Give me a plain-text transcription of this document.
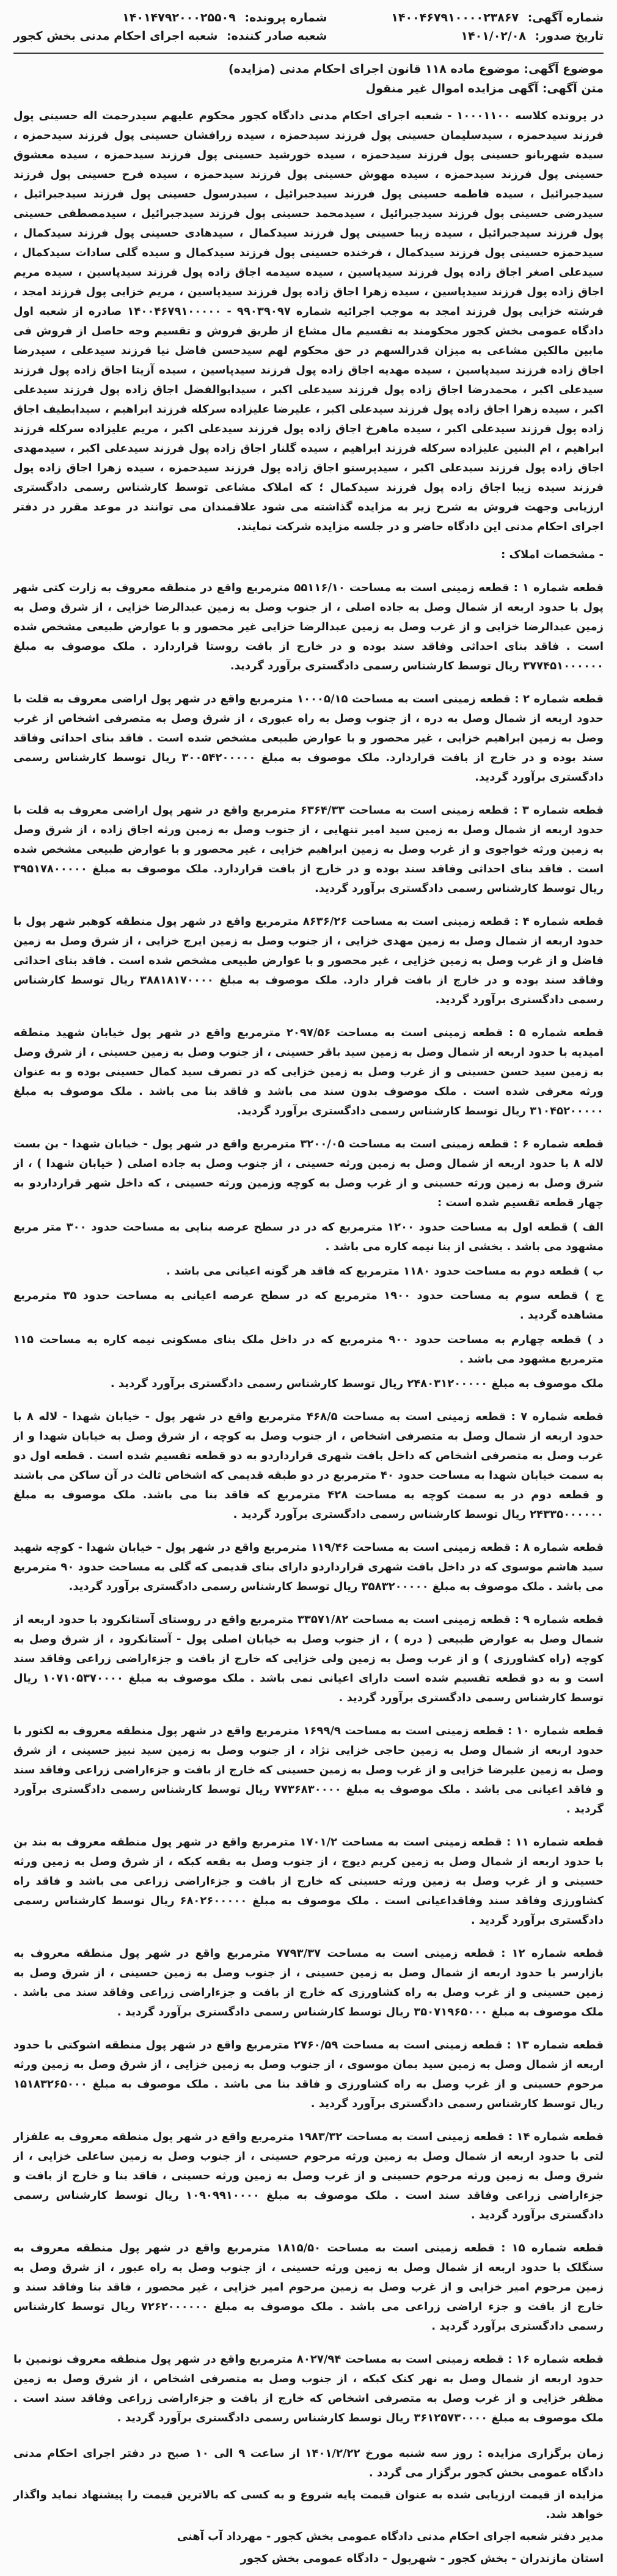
شماره آگهی: ۱۴۰۰۴۶۷۹۱۰۰۰۰۲۳۸۶۷
تاریخ صدور: ۱۴۰۱/۰۲/۰۸
شماره پرونده: ۱۴۰۱۴۷۹۲۰۰۰۲۵۵۰۹
شعبه صادر کننده: شعبه اجرای احکام مدنی بخش کجور

موضوع آگهی: موضوع ماده ۱۱۸ قانون اجرای احکام مدنی (مزایده)

متن آگهی: آگهی مزایده اموال غیر منقول

در پرونده کلاسه ۱۰۰۰۱۱۰۰ - شعبه اجرای احکام مدنی دادگاه کجور محکوم علیهم سیدرحمت اله حسینی پول فرزند سیدحمزه ، سیدسلیمان حسینی پول فرزند سیدحمزه ، سیده زرافشان حسینی پول فرزند سیدحمزه ، سیده شهربانو حسینی پول فرزند سیدحمزه ، سیده خورشید حسینی پول فرزند سیدحمزه ، سیده معشوق حسینی پول فرزند سیدحمزه ، سیده مهوش حسینی پول فرزند سیدحمزه ، سیده فرح حسینی پول فرزند سیدجبرائیل ، سیده فاطمه حسینی پول فرزند سیدجبرائیل ، سیدرسول حسینی پول فرزند سیدجبرائیل ، سیدرضی حسینی پول فرزند سیدجبرائیل ، سیدمحمد حسینی پول فرزند سیدجبرائیل ، سیدمصطفی حسینی پول فرزند سیدجبرائیل ، سیده زیبا حسینی پول فرزند سیدکمال ، سیدهادی حسینی پول فرزند سیدکمال ، سیدحمزه حسینی پول فرزند سیدکمال ، فرخنده حسینی پول فرزند سیدکمال و سیده گلی سادات سیدکمال ، سیدعلی اصغر اجاق زاده پول فرزند سیدپاسین ، سیده سیدمه اجاق زاده پول فرزند سیدپاسین ، سیده مریم اجاق زاده پول فرزند سیدپاسین ، سیده زهرا اجاق زاده پول فرزند سیدپاسین ، مریم خزایی پول فرزند امجد ، فرشته خزایی پول فرزند امجد به موجب اجرائیه شماره ۹۹۰۳۹۰۹۷ - ۱۴۰۰۴۶۷۹۱۰۰۰۰۰ صادره از شعبه اول دادگاه عمومی بخش کجور محکومند به تقسیم مال مشاع از طریق فروش و تقسیم وجه حاصل از فروش فی مابین مالکین مشاعی به میزان قدرالسهم در حق محکوم لهم سیدحسن فاضل نیا فرزند سیدعلی ، سیدرضا اجاق زاده فرزند سیدپاسین ، سیده مهدیه اجاق زاده پول فرزند سیدپاسین ، سیده آزیتا اجاق زاده پول فرزند سیدعلی اکبر ، محمدرضا اجاق زاده پول فرزند سیدعلی اکبر ، سیدابوالفضل اجاق زاده پول فرزند سیدعلی اکبر ، سیده زهرا اجاق زاده پول فرزند سیدعلی اکبر ، علیرضا علیزاده سرکله فرزند ابراهیم ، سیدابطیف اجاق زاده پول فرزند سیدعلی اکبر ، سیده ماهرخ اجاق زاده پول فرزند سیدعلی اکبر ، مریم علیزاده سرکله فرزند ابراهیم ، ام البنین علیزاده سرکله فرزند ابراهیم ، سیده گلنار اجاق زاده پول فرزند سیدعلی اکبر ، سیدمهدی اجاق زاده پول فرزند سیدعلی اکبر ، سیدپرستو اجاق زاده پول فرزند سیدحمزه ، سیده زهرا اجاق زاده پول فرزند سیده زیبا اجاق زاده پول فرزند سیدکمال ؛ که املاک مشاعی توسط کارشناس رسمی دادگستری ارزیابی وجهت فروش به شرح زیر به مزایده گذاشته می شود علاقمندان می توانند در موعد مقرر در دفتر اجرای احکام مدنی این دادگاه حاضر و در جلسه مزایده شرکت نمایند.

- مشخصات املاک :

قطعه شماره ۱ : قطعه زمینی است به مساحت ۵۵۱۱۶/۱۰ مترمربع واقع در منطقه معروف به زارت کتی شهر پول با حدود اربعه از شمال وصل به جاده اصلی ، از جنوب وصل به زمین عبدالرضا خزایی ، از شرق وصل به زمین عبدالرضا خزایی و از غرب وصل به زمین عبدالرضا خزایی غیر محصور و با عوارض طبیعی مشخص شده است . فاقد بنای احداثی وفاقد سند بوده و در خارج از بافت روستا قراردارد . ملک موصوف به مبلغ ۳۷۷۴۵۱۰۰۰۰۰۰ ریال توسط کارشناس رسمی دادگستری برآورد گردید.

قطعه شماره ۲ : قطعه زمینی است به مساحت ۱۰۰۰۵/۱۵ مترمربع واقع در شهر پول اراضی معروف به قلت با حدود اربعه از شمال وصل به دره ، از جنوب وصل به راه عبوری ، از شرق وصل به متصرفی اشخاص از غرب وصل به زمین ابراهیم خزایی ، غیر محصور و با عوارض طبیعی مشخص شده است . فاقد بنای احداثی وفاقد سند بوده و در خارج از بافت قراردارد. ملک موصوف به مبلغ ۳۰۰۵۴۲۰۰۰۰۰ ریال توسط کارشناس رسمی دادگستری برآورد گردید.

قطعه شماره ۳ : قطعه زمینی است به مساحت ۶۳۶۴/۳۳ مترمربع واقع در شهر پول اراضی معروف به قلت با حدود اربعه از شمال وصل به زمین سید امیر تنهایی ، از جنوب وصل به زمین ورثه اجاق زاده ، از شرق وصل به زمین ورثه خواجوی و از غرب وصل به زمین ابراهیم خزایی ، غیر محصور و با عوارض طبیعی مشخص شده است . فاقد بنای احداثی وفاقد سند بوده و در خارج از بافت قراردارد. ملک موصوف به مبلغ ۳۹۵۱۷۸۰۰۰۰۰ ریال توسط کارشناس رسمی دادگستری برآورد گردید.

قطعه شماره ۴ : قطعه زمینی است به مساحت ۸۶۳۶/۲۶ مترمربع واقع در شهر پول منطقه کوهبر شهر پول با حدود اربعه از شمال وصل به زمین مهدی خزایی ، از جنوب وصل به زمین ایرج خزایی ، از شرق وصل به زمین فاضل و از غرب وصل به زمین خزایی ، غیر محصور و با عوارض طبیعی مشخص شده است . فاقد بنای احداثی وفاقد سند بوده و در خارج از بافت قرار دارد. ملک موصوف به مبلغ ۳۸۸۱۸۱۷۰۰۰۰ ریال توسط کارشناس رسمی دادگستری برآورد گردید.

قطعه شماره ۵ : قطعه زمینی است به مساحت ۲۰۹۷/۵۶ مترمربع واقع در شهر پول خیابان شهید منطقه امیدیه با حدود اربعه از شمال وصل به زمین سید باقر حسینی ، از جنوب وصل به زمین حسینی ، از شرق وصل به زمین سید حسن حسینی و از غرب وصل به زمین خزایی که در تصرف سید کمال حسینی بوده و به عنوان ورثه معرفی شده است . ملک موصوف بدون سند می باشد و فاقد بنا می باشد . ملک موصوف به مبلغ ۳۱۰۴۵۲۰۰۰۰۰ ریال توسط کارشناس رسمی دادگستری برآورد گردید.

قطعه شماره ۶ : قطعه زمینی است به مساحت ۳۲۰۰/۰۵ مترمربع واقع در شهر پول - خیابان شهدا - بن بست لاله ۸ با حدود اربعه از شمال وصل به زمین ورثه حسینی ، از جنوب وصل به جاده اصلی ( خیابان شهدا ) ، از شرق وصل به زمین ورثه حسینی و از غرب وصل به کوچه وزمین ورثه حسینی ، که داخل شهر قرارداردو به چهار قطعه تقسیم شده است :

الف ) قطعه اول به مساحت حدود ۱۲۰۰ مترمربع که در در سطح عرصه بنایی به مساحت حدود ۳۰۰ متر مربع مشهود می باشد . بخشی از بنا نیمه کاره می باشد .

ب ) قطعه دوم به مساحت حدود ۱۱۸۰ مترمربع که فاقد هر گونه اعیانی می باشد .

ج ) قطعه سوم به مساحت حدود ۱۹۰۰ مترمربع که در سطح عرصه اعیانی به مساحت حدود ۳۵ مترمربع مشاهده گردید .

د ) قطعه چهارم به مساحت حدود ۹۰۰ مترمربع که در داخل ملک بنای مسکونی نیمه کاره به مساحت ۱۱۵ مترمربع مشهود می باشد .

ملک موصوف به مبلغ ۲۴۸۰۳۱۲۰۰۰۰۰ ریال توسط کارشناس رسمی دادگستری برآورد گردید .

قطعه شماره ۷ : قطعه زمینی است به مساحت ۴۶۸/۵ مترمربع واقع در شهر پول - خیابان شهدا - لاله ۸ با حدود اربعه از شمال وصل به متصرفی اشخاص ، از جنوب وصل به کوچه ، از شرق وصل به خیابان شهدا و از غرب وصل به متصرفی اشخاص که داخل بافت شهری قرارداردو به دو قطعه تقسیم شده است . قطعه اول دو به سمت خیابان شهدا به مساحت حدود ۴۰ مترمربع در دو طبقه قدیمی که اشخاص ثالث در آن ساکن می باشند و قطعه دوم در به سمت کوچه به مساحت ۴۲۸ مترمربع که فاقد بنا می باشد. ملک موصوف به مبلغ ۲۴۳۳۵۰۰۰۰۰۰ ریال توسط کارشناس رسمی دادگستری برآورد گردید .

قطعه شماره ۸ : قطعه زمینی است به مساحت ۱۱۹/۴۶ مترمربع واقع در شهر پول - خیابان شهدا - کوچه شهید سید هاشم موسوی که در داخل بافت شهری قرارداردو دارای بنای قدیمی که گلی به مساحت حدود ۹۰ مترمربع می باشد . ملک موصوف به مبلغ ۳۵۸۳۲۰۰۰۰۰ ریال توسط کارشناس رسمی دادگستری برآورد گردید.

قطعه شماره ۹ : قطعه زمینی است به مساحت ۳۳۵۷۱/۸۲ مترمربع واقع در روستای آستانکرود با حدود اربعه از شمال وصل به عوارض طبیعی ( دره ) ، از جنوب وصل به خیابان اصلی پول - آستانکرود ، از شرق وصل به کوچه (راه کشاورزی ) و از غرب وصل به زمین ولی خزایی که خارج از بافت و جزءاراضی زراعی وفاقد سند است و به دو قطعه تقسیم شده است دارای اعیانی نمی باشد . ملک موصوف به مبلغ ۱۰۷۱۰۵۳۷۰۰۰۰ ریال توسط کارشناس رسمی دادگستری برآورد گردید .

قطعه شماره ۱۰ : قطعه زمینی است به مساحت ۱۶۹۹/۹ مترمربع واقع در شهر پول منطقه معروف به لکتور با حدود اربعه از شمال وصل به زمین حاجی خزایی نژاد ، از جنوب وصل به زمین سید نبیز حسینی ، از شرق وصل به زمین علیرضا خزایی و از غرب وصل به زمین حسینی که خارج از بافت و جزءاراضی زراعی وفاقد سند و فاقد اعیانی می باشد . ملک موصوف به مبلغ ۷۷۳۶۸۳۰۰۰۰ ریال توسط کارشناس رسمی دادگستری برآورد گردید .

قطعه شماره ۱۱ : قطعه زمینی است به مساحت ۱۷۰۱/۲ مترمربع واقع در شهر پول منطقه معروف به بند بن با حدود اربعه از شمال وصل به زمین کریم دیوج ، از جنوب وصل به بقعه کبکه ، از شرق وصل به زمین ورثه حسینی و از غرب وصل به زمین ورثه حسینی که خارج از بافت و جزءاراضی زراعی می باشد و فاقد راه کشاورزی وفاقد سند وفاقداعیانی است . ملک موصوف به مبلغ ۶۸۰۲۶۰۰۰۰۰ ریال توسط کارشناس رسمی دادگستری برآورد گردید .

قطعه شماره ۱۲ : قطعه زمینی است به مساحت ۷۷۹۳/۳۷ مترمربع واقع در شهر پول منطقه معروف به بازارسر با حدود اربعه از شمال وصل به زمین حسینی ، از جنوب وصل به زمین حسینی ، از شرق وصل به زمین حسینی و از غرب وصل به راه کشاورزی که خارج از بافت و جزءاراضی زراعی وفاقد سند می باشد . ملک موصوف به مبلغ ۳۵۰۷۱۹۶۵۰۰۰ ریال توسط کارشناس رسمی دادگستری برآورد گردید .

قطعه شماره ۱۳ : قطعه زمینی است به مساحت ۲۷۶۰/۵۹ مترمربع واقع در شهر پول منطقه اشوکتی با حدود اربعه از شمال وصل به زمین سید بمان موسوی ، از جنوب وصل به زمین خزایی ، از شرق وصل به زمین ورثه مرحوم حسینی و از غرب وصل به راه کشاورزی و فاقد بنا می باشد . ملک موصوف به مبلغ ۱۵۱۸۳۲۶۵۰۰۰ ریال توسط کارشناس رسمی دادگستری برآورد گردید .

قطعه شماره ۱۴ : قطعه زمینی است به مساحت ۱۹۸۳/۳۲ مترمربع واقع در شهر پول منطقه معروف به علفزار لتی با حدود اربعه از شمال وصل به زمین ورثه مرحوم حسینی ، از جنوب وصل به زمین ساعلی خزایی ، از شرق وصل به زمین ورثه مرحوم حسینی و از غرب وصل به زمین ورثه حسینی ، فاقد بنا و خارج از بافت و جزءاراضی زراعی وفاقد سند است . ملک موصوف به مبلغ ۱۰۹۰۹۹۱۰۰۰۰ ریال توسط کارشناس رسمی دادگستری برآورد گردید .

قطعه شماره ۱۵ : قطعه زمینی است به مساحت ۱۸۱۵/۵۰ مترمربع واقع در شهر پول منطقه معروف به سنگلک با حدود اربعه از شمال وصل به زمین ورثه حسینی ، از جنوب وصل به راه عبور ، از شرق وصل به زمین مرحوم امیر خزایی و از غرب وصل به زمین مرحوم امیر خزایی ، غیر محصور ، فاقد بنا وفاقد سند و خارج از بافت و جزء اراضی زراعی می باشد . ملک موصوف به مبلغ ۷۲۶۲۰۰۰۰۰۰ ریال توسط کارشناس رسمی دادگستری برآورد گردید .

قطعه شماره ۱۶ : قطعه زمینی است به مساحت ۸۰۲۷/۹۴ مترمربع واقع در شهر پول منطقه معروف نونمین با حدود اربعه از شمال وصل به نهر کنک کبکه ، از جنوب وصل به متصرفی اشخاص ، از شرق وصل به زمین مظفر خزایی و از غرب وصل به متصرفی اشخاص که خارج از بافت و جزءاراضی زراعی وفاقد سند است . ملک موصوف به مبلغ ۳۶۱۲۵۷۳۰۰۰۰ ریال توسط کارشناس رسمی دادگستری برآورد گردید .

زمان برگزاری مزایده : روز سه شنبه مورخ ۱۴۰۱/۲/۲۲ از ساعت ۹ الی ۱۰ صبح در دفتر اجرای احکام مدنی دادگاه عمومی بخش کجور برگزار می گردد .

مزایده از قیمت ارزیابی شده به عنوان قیمت پایه شروع و به کسی که بالاترین قیمت را پیشنهاد نماید واگذار خواهد شد.

مدیر دفتر شعبه اجرای احکام مدنی دادگاه عمومی بخش کجور - مهرداد آب آهنی

استان مازندران - بخش کجور - شهرپول - دادگاه عمومی بخش کجور
